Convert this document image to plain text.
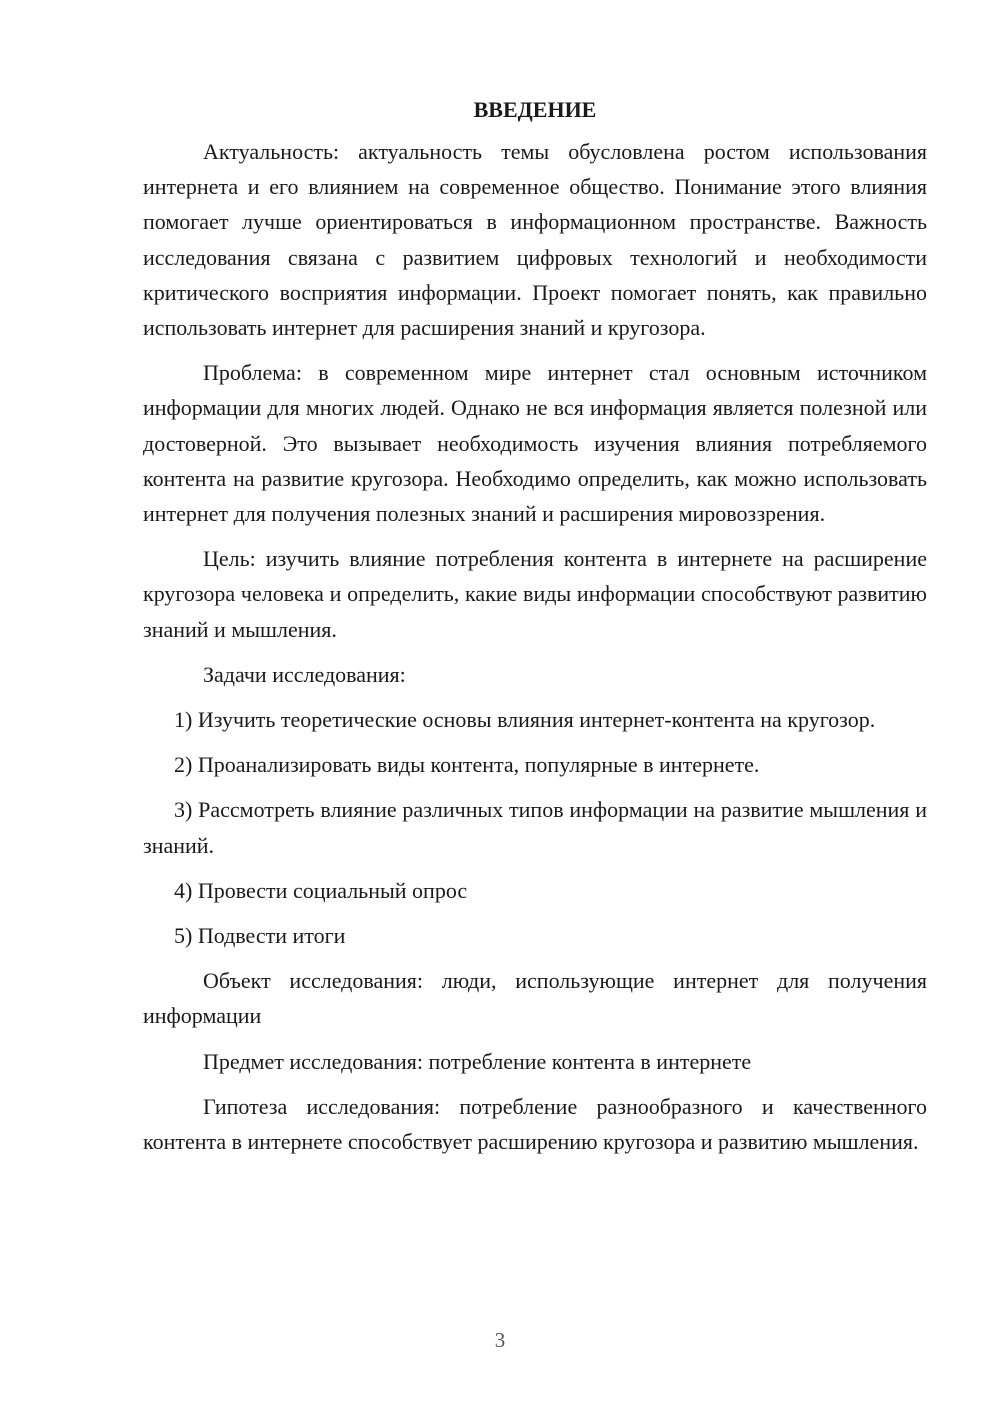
ВВЕДЕНИЕ

Актуальность: актуальность темы обусловлена ростом использования интернета и его влиянием на современное общество. Понимание этого влияния помогает лучше ориентироваться в информационном пространстве. Важность исследования связана с развитием цифровых технологий и необходимости критического восприятия информации. Проект помогает понять, как правильно использовать интернет для расширения знаний и кругозора.

Проблема: в современном мире интернет стал основным источником информации для многих людей. Однако не вся информация является полезной или достоверной. Это вызывает необходимость изучения влияния потребляемого контента на развитие кругозора. Необходимо определить, как можно использовать интернет для получения полезных знаний и расширения мировоззрения.

Цель: изучить влияние потребления контента в интернете на расширение кругозора человека и определить, какие виды информации способствуют развитию знаний и мышления.

Задачи исследования:

1) Изучить теоретические основы влияния интернет-контента на кругозор.

2) Проанализировать виды контента, популярные в интернете.

3) Рассмотреть влияние различных типов информации на развитие мышления и знаний.

4) Провести социальный опрос

5) Подвести итоги

Объект исследования: люди, использующие интернет для получения информации

Предмет исследования: потребление контента в интернете

Гипотеза исследования: потребление разнообразного и качественного контента в интернете способствует расширению кругозора и развитию мышления.

3
